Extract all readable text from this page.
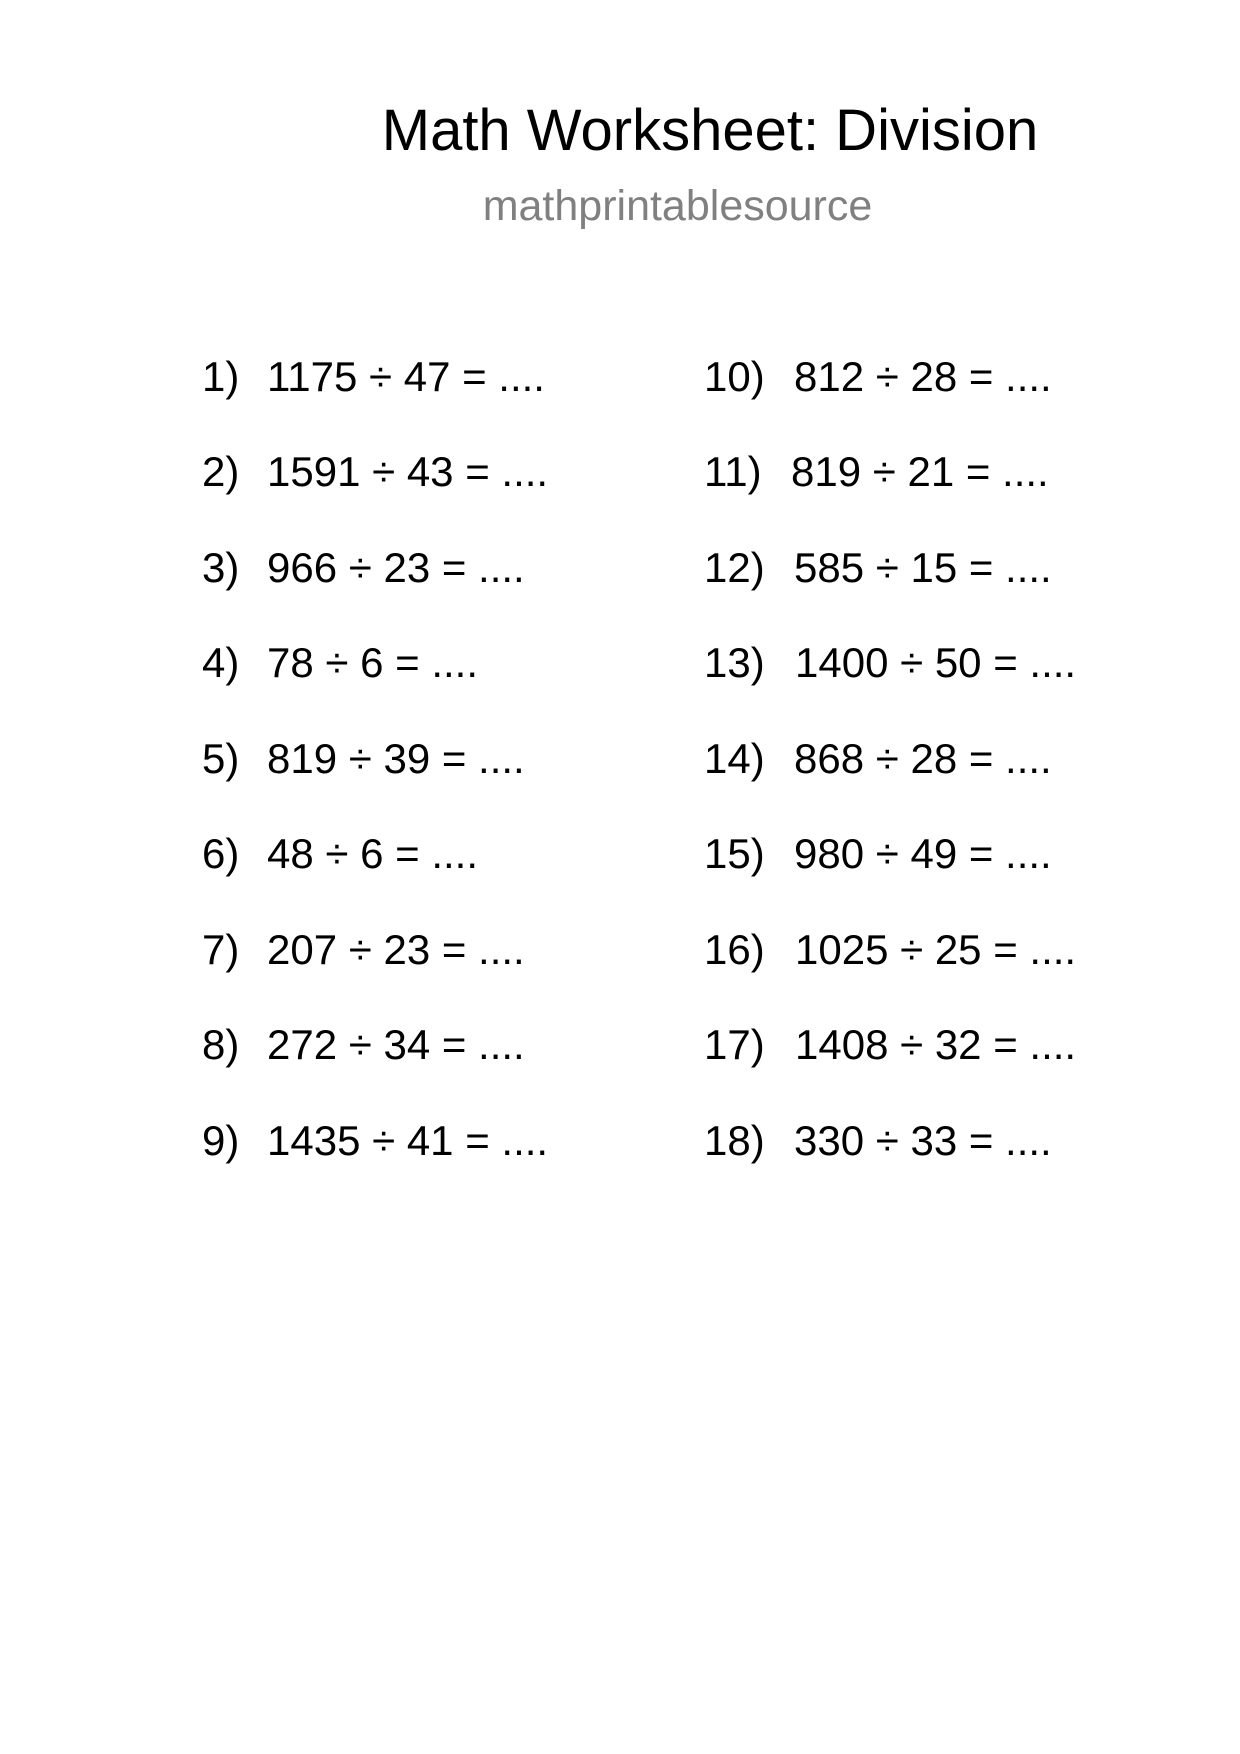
Math Worksheet: Division
mathprintablesource
1) 1175 ÷ 47 = ....
2) 1591 ÷ 43 = ....
3) 966 ÷ 23 = ....
4) 78 ÷ 6 = ....
5) 819 ÷ 39 = ....
6) 48 ÷ 6 = ....
7) 207 ÷ 23 = ....
8) 272 ÷ 34 = ....
9) 1435 ÷ 41 = ....
10) 812 ÷ 28 = ....
11) 819 ÷ 21 = ....
12) 585 ÷ 15 = ....
13) 1400 ÷ 50 = ....
14) 868 ÷ 28 = ....
15) 980 ÷ 49 = ....
16) 1025 ÷ 25 = ....
17) 1408 ÷ 32 = ....
18) 330 ÷ 33 = ....
